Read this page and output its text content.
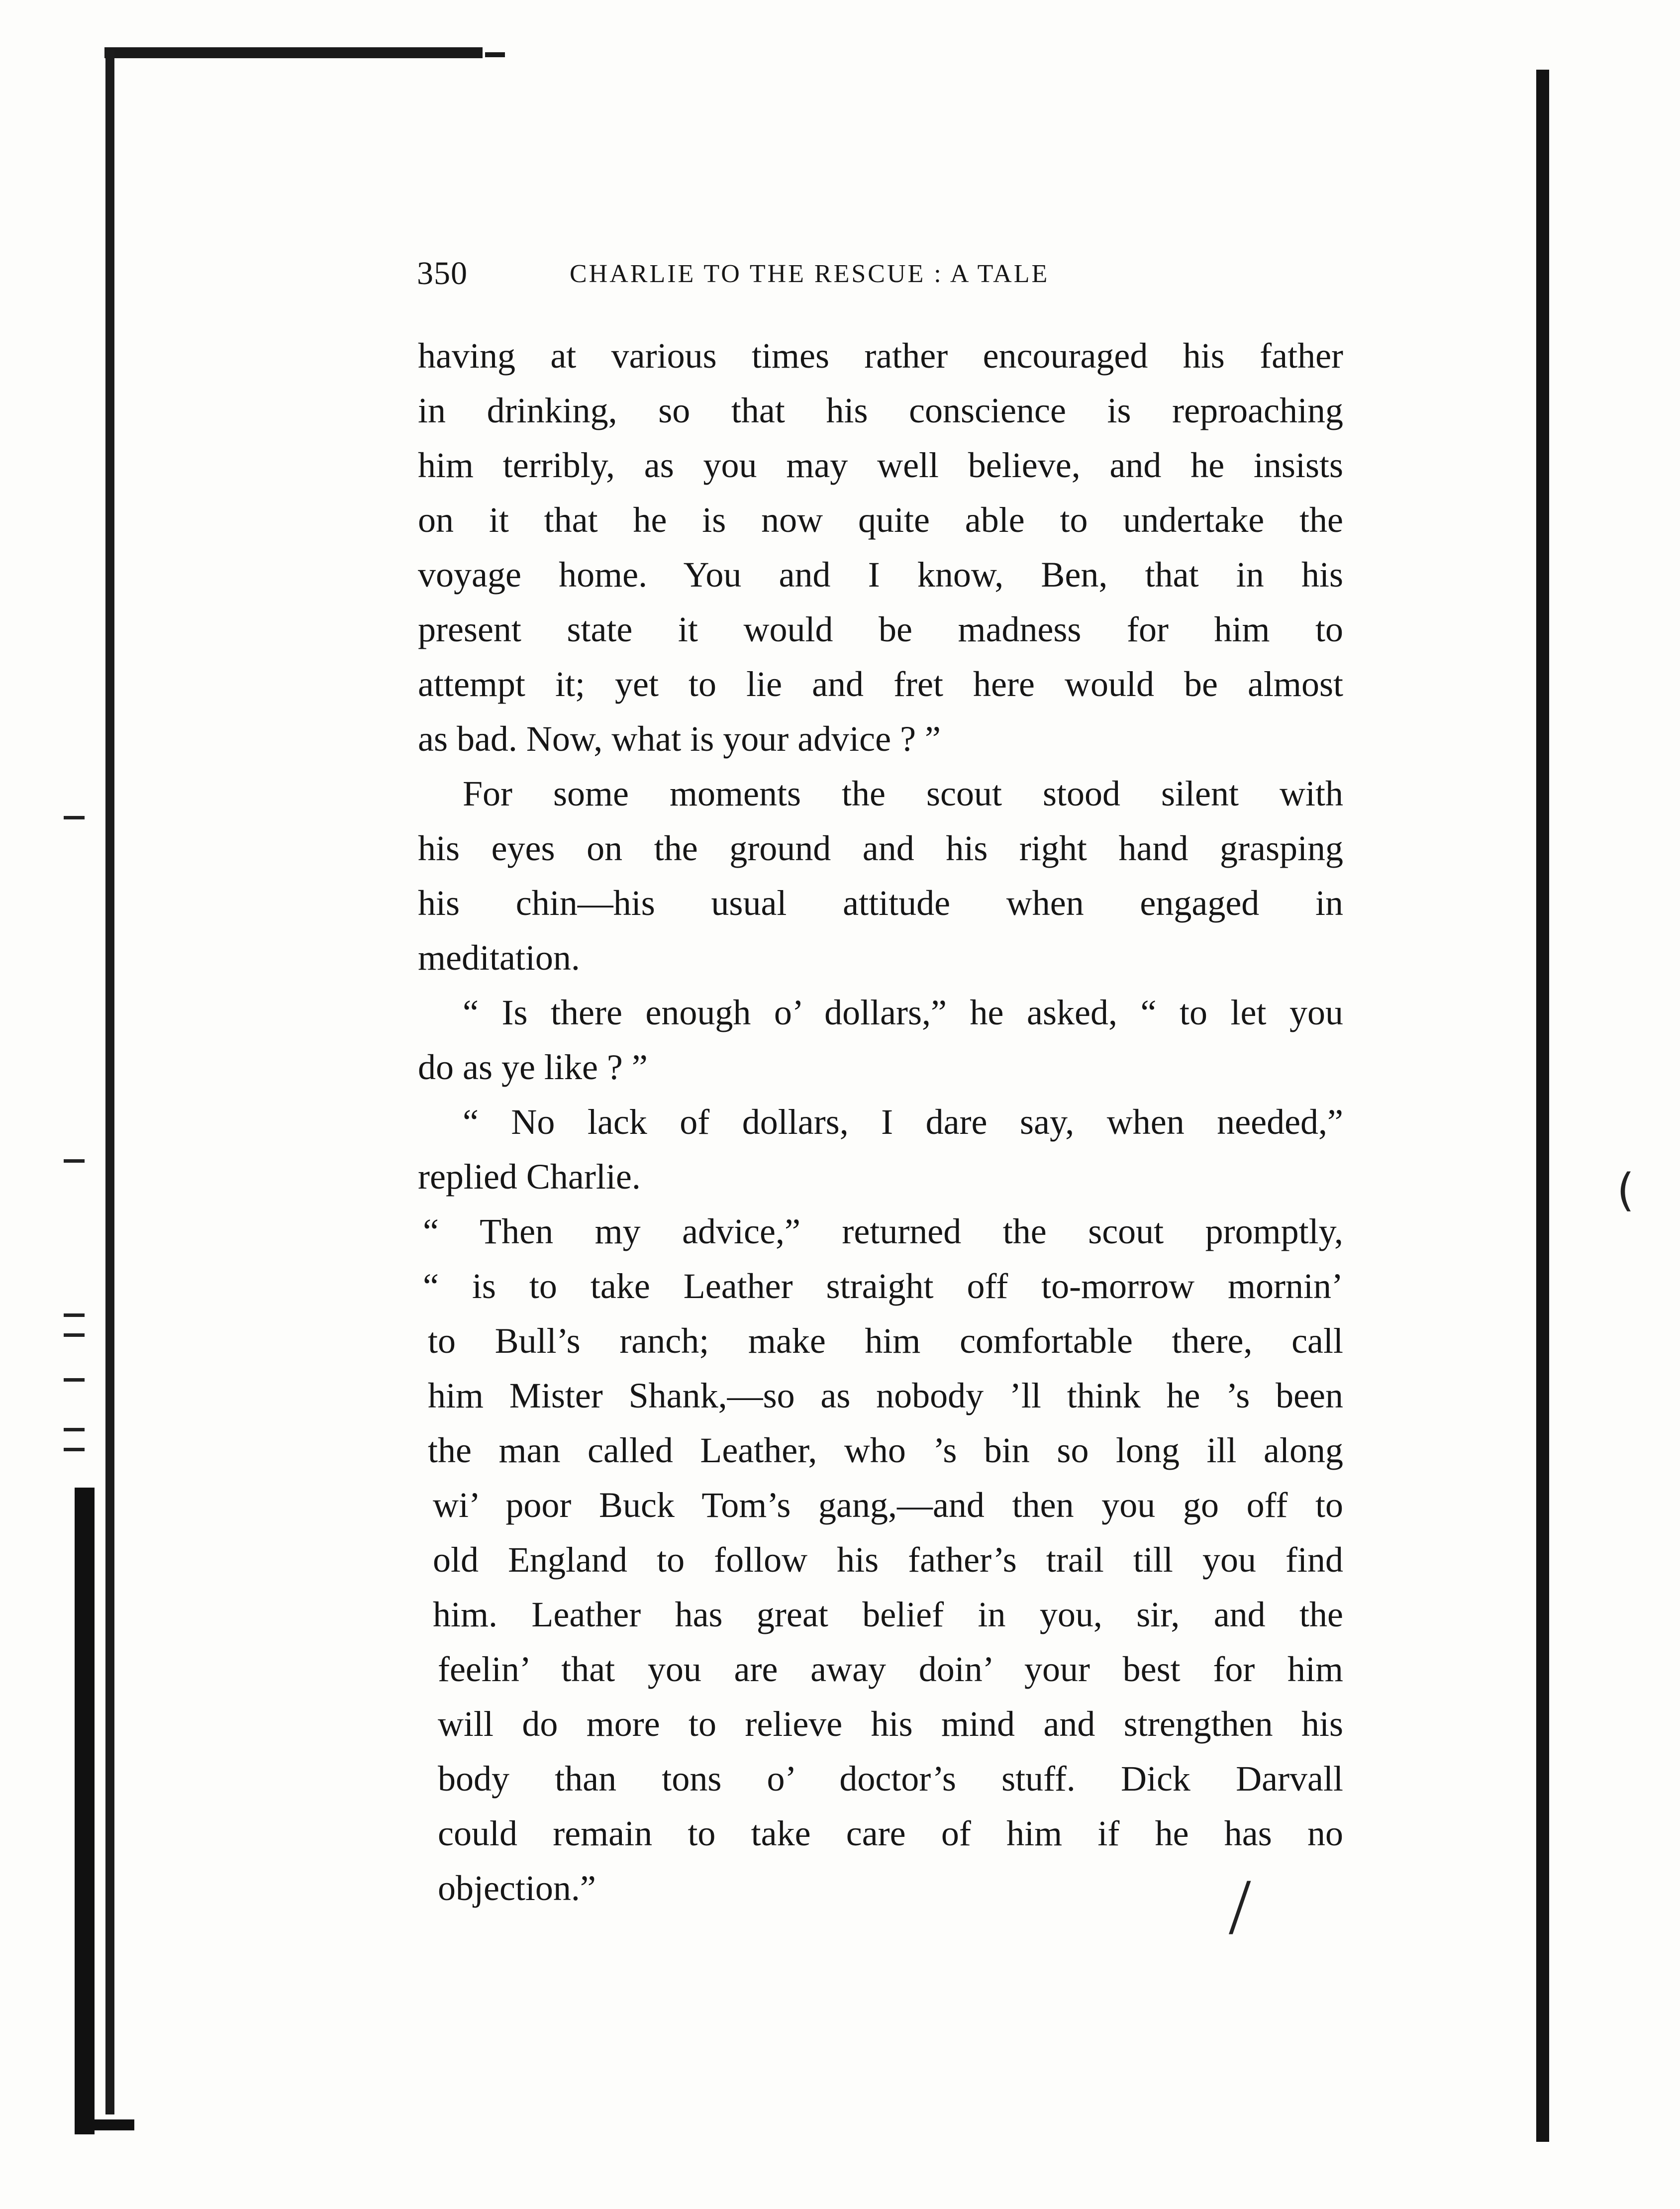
(
/
350	CHARLIE TO THE RESCUE : A TALE
having at various times rather encouraged his father
in drinking, so that his conscience is reproaching
him terribly, as you may well believe, and he insists
on it that he is now quite able to undertake the
voyage home. You and I know, Ben, that in his
present state it would be madness for him to
attempt it; yet to lie and fret here would be almost
as bad. Now, what is your advice ? ”
For some moments the scout stood silent with
his eyes on the ground and his right hand grasping
his chin—his usual attitude when engaged in
meditation.
“ Is there enough o’ dollars,” he asked, “ to let you
do as ye like ? ”
“ No lack of dollars, I dare say, when needed,”
replied Charlie.
“ Then my advice,” returned the scout promptly,
“ is to take Leather straight off to-morrow mornin’
to Bull’s ranch; make him comfortable there, call
him Mister Shank,—so as nobody ’ll think he ’s been
the man called Leather, who ’s bin so long ill along
wi’ poor Buck Tom’s gang,—and then you go off to
old England to follow his father’s trail till you find
him. Leather has great belief in you, sir, and the
feelin’ that you are away doin’ your best for him
will do more to relieve his mind and strengthen his
body than tons o’ doctor’s stuff. Dick Darvall
could remain to take care of him if he has no
objection.”
